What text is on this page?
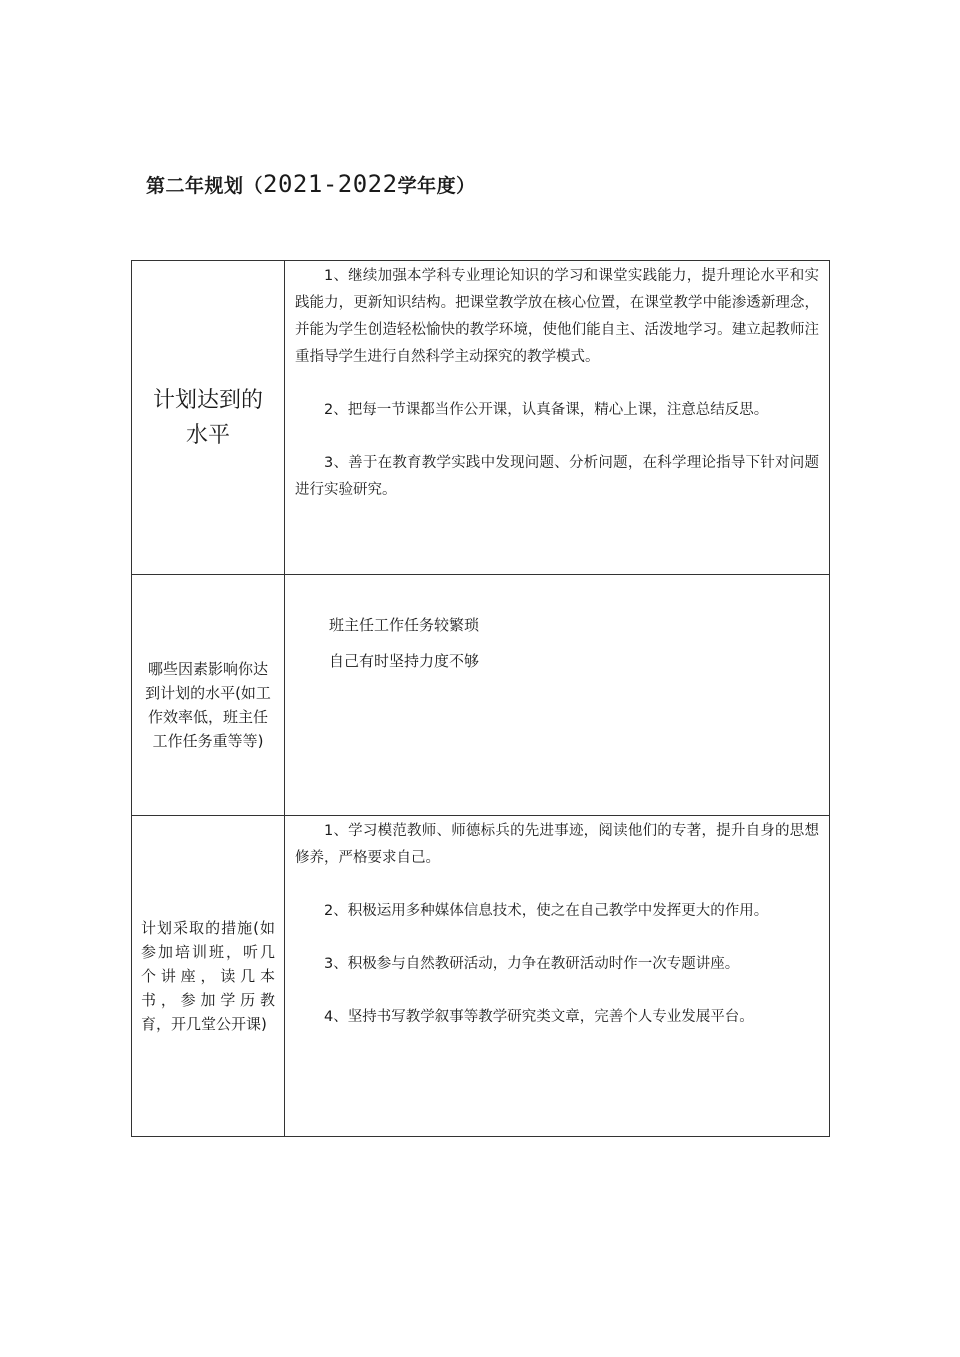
第二年规划（2021-2022学年度）
计划达到的水平	1、继续加强本学科专业理论知识的学习和课堂实践能力，提升理论水平和实践能力，更新知识结构。把课堂教学放在核心位置，在课堂教学中能渗透新理念，并能为学生创造轻松愉快的教学环境，使他们能自主、活泼地学习。建立起教师注重指导学生进行自然科学主动探究的教学模式。

2、把每一节课都当作公开课，认真备课，精心上课，注意总结反思。

3、善于在教育教学实践中发现问题、分析问题，在科学理论指导下针对问题进行实验研究。

哪些因素影响你达到计划的水平(如工作效率低，班主任工作任务重等等)	班主任工作任务较繁琐
自己有时坚持力度不够

计划采取的措施(如参加培训班，听几个讲座，读几本书，参加学历教育，开几堂公开课)	1、学习模范教师、师德标兵的先进事迹，阅读他们的专著，提升自身的思想修养，严格要求自己。

2、积极运用多种媒体信息技术，使之在自己教学中发挥更大的作用。

3、积极参与自然教研活动，力争在教研活动时作一次专题讲座。

4、坚持书写教学叙事等教学研究类文章，完善个人专业发展平台。
